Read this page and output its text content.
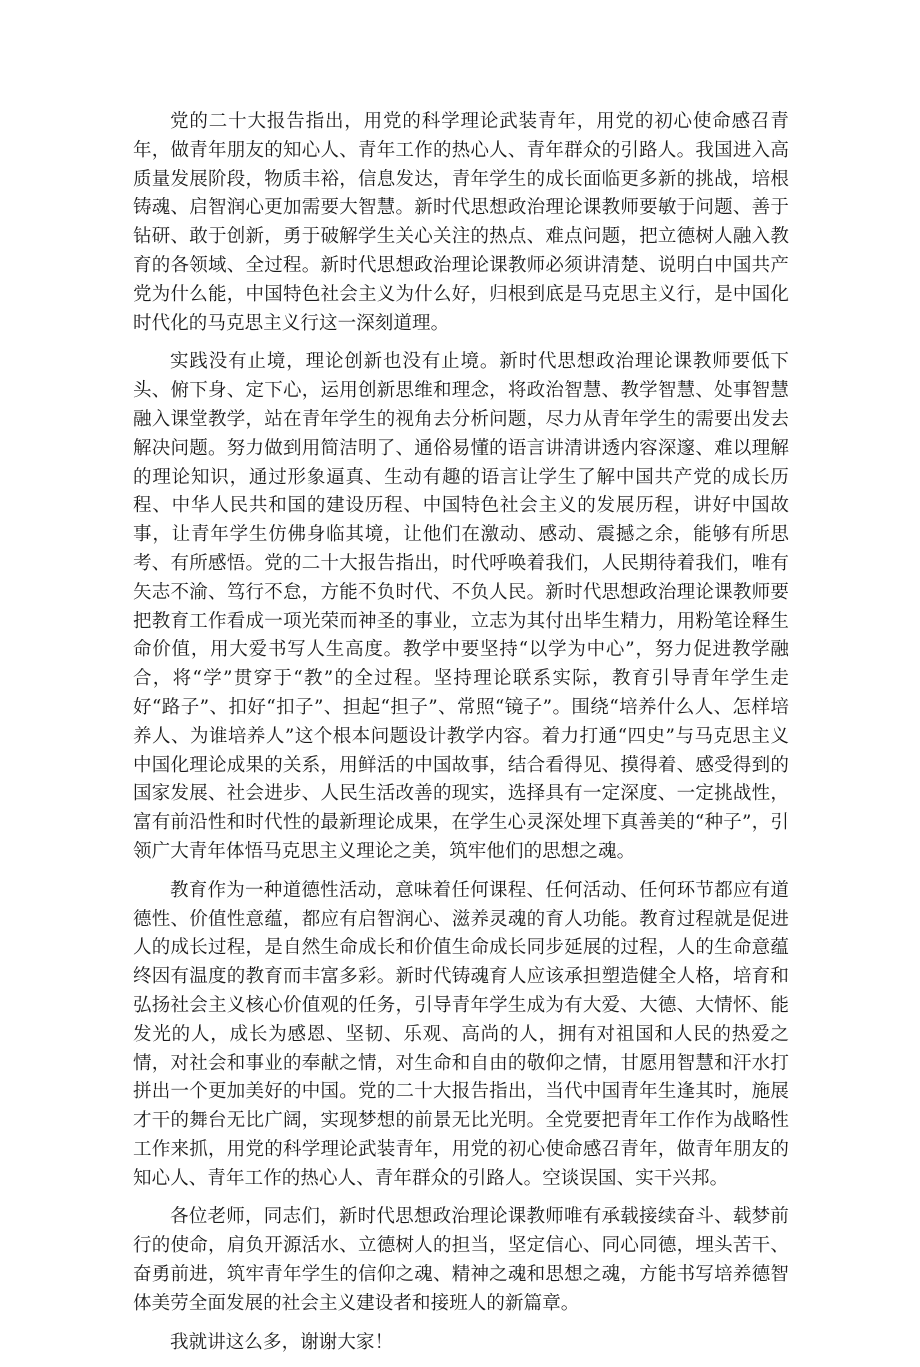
党的二十大报告指出，用党的科学理论武装青年，用党的初心使命感召青年，做青年朋友的知心人、青年工作的热心人、青年群众的引路人。我国进入高质量发展阶段，物质丰裕，信息发达，青年学生的成长面临更多新的挑战，培根铸魂、启智润心更加需要大智慧。新时代思想政治理论课教师要敏于问题、善于钻研、敢于创新，勇于破解学生关心关注的热点、难点问题，把立德树人融入教育的各领域、全过程。新时代思想政治理论课教师必须讲清楚、说明白中国共产党为什么能，中国特色社会主义为什么好，归根到底是马克思主义行，是中国化时代化的马克思主义行这一深刻道理。

实践没有止境，理论创新也没有止境。新时代思想政治理论课教师要低下头、俯下身、定下心，运用创新思维和理念，将政治智慧、教学智慧、处事智慧融入课堂教学，站在青年学生的视角去分析问题，尽力从青年学生的需要出发去解决问题。努力做到用简洁明了、通俗易懂的语言讲清讲透内容深邃、难以理解的理论知识，通过形象逼真、生动有趣的语言让学生了解中国共产党的成长历程、中华人民共和国的建设历程、中国特色社会主义的发展历程，讲好中国故事，让青年学生仿佛身临其境，让他们在激动、感动、震撼之余，能够有所思考、有所感悟。党的二十大报告指出，时代呼唤着我们，人民期待着我们，唯有矢志不渝、笃行不怠，方能不负时代、不负人民。新时代思想政治理论课教师要把教育工作看成一项光荣而神圣的事业，立志为其付出毕生精力，用粉笔诠释生命价值，用大爱书写人生高度。教学中要坚持“以学为中心”，努力促进教学融合，将“学”贯穿于“教”的全过程。坚持理论联系实际，教育引导青年学生走好“路子”、扣好“扣子”、担起“担子”、常照“镜子”。围绕“培养什么人、怎样培养人、为谁培养人”这个根本问题设计教学内容。着力打通“四史”与马克思主义中国化理论成果的关系，用鲜活的中国故事，结合看得见、摸得着、感受得到的国家发展、社会进步、人民生活改善的现实，选择具有一定深度、一定挑战性，富有前沿性和时代性的最新理论成果，在学生心灵深处埋下真善美的“种子”，引领广大青年体悟马克思主义理论之美，筑牢他们的思想之魂。

教育作为一种道德性活动，意味着任何课程、任何活动、任何环节都应有道德性、价值性意蕴，都应有启智润心、滋养灵魂的育人功能。教育过程就是促进人的成长过程，是自然生命成长和价值生命成长同步延展的过程，人的生命意蕴终因有温度的教育而丰富多彩。新时代铸魂育人应该承担塑造健全人格，培育和弘扬社会主义核心价值观的任务，引导青年学生成为有大爱、大德、大情怀、能发光的人，成长为感恩、坚韧、乐观、高尚的人，拥有对祖国和人民的热爱之情，对社会和事业的奉献之情，对生命和自由的敬仰之情，甘愿用智慧和汗水打拼出一个更加美好的中国。党的二十大报告指出，当代中国青年生逢其时，施展才干的舞台无比广阔，实现梦想的前景无比光明。全党要把青年工作作为战略性工作来抓，用党的科学理论武装青年，用党的初心使命感召青年，做青年朋友的知心人、青年工作的热心人、青年群众的引路人。空谈误国、实干兴邦。

各位老师，同志们，新时代思想政治理论课教师唯有承载接续奋斗、载梦前行的使命，肩负开源活水、立德树人的担当，坚定信心、同心同德，埋头苦干、奋勇前进，筑牢青年学生的信仰之魂、精神之魂和思想之魂，方能书写培养德智体美劳全面发展的社会主义建设者和接班人的新篇章。

我就讲这么多，谢谢大家！
